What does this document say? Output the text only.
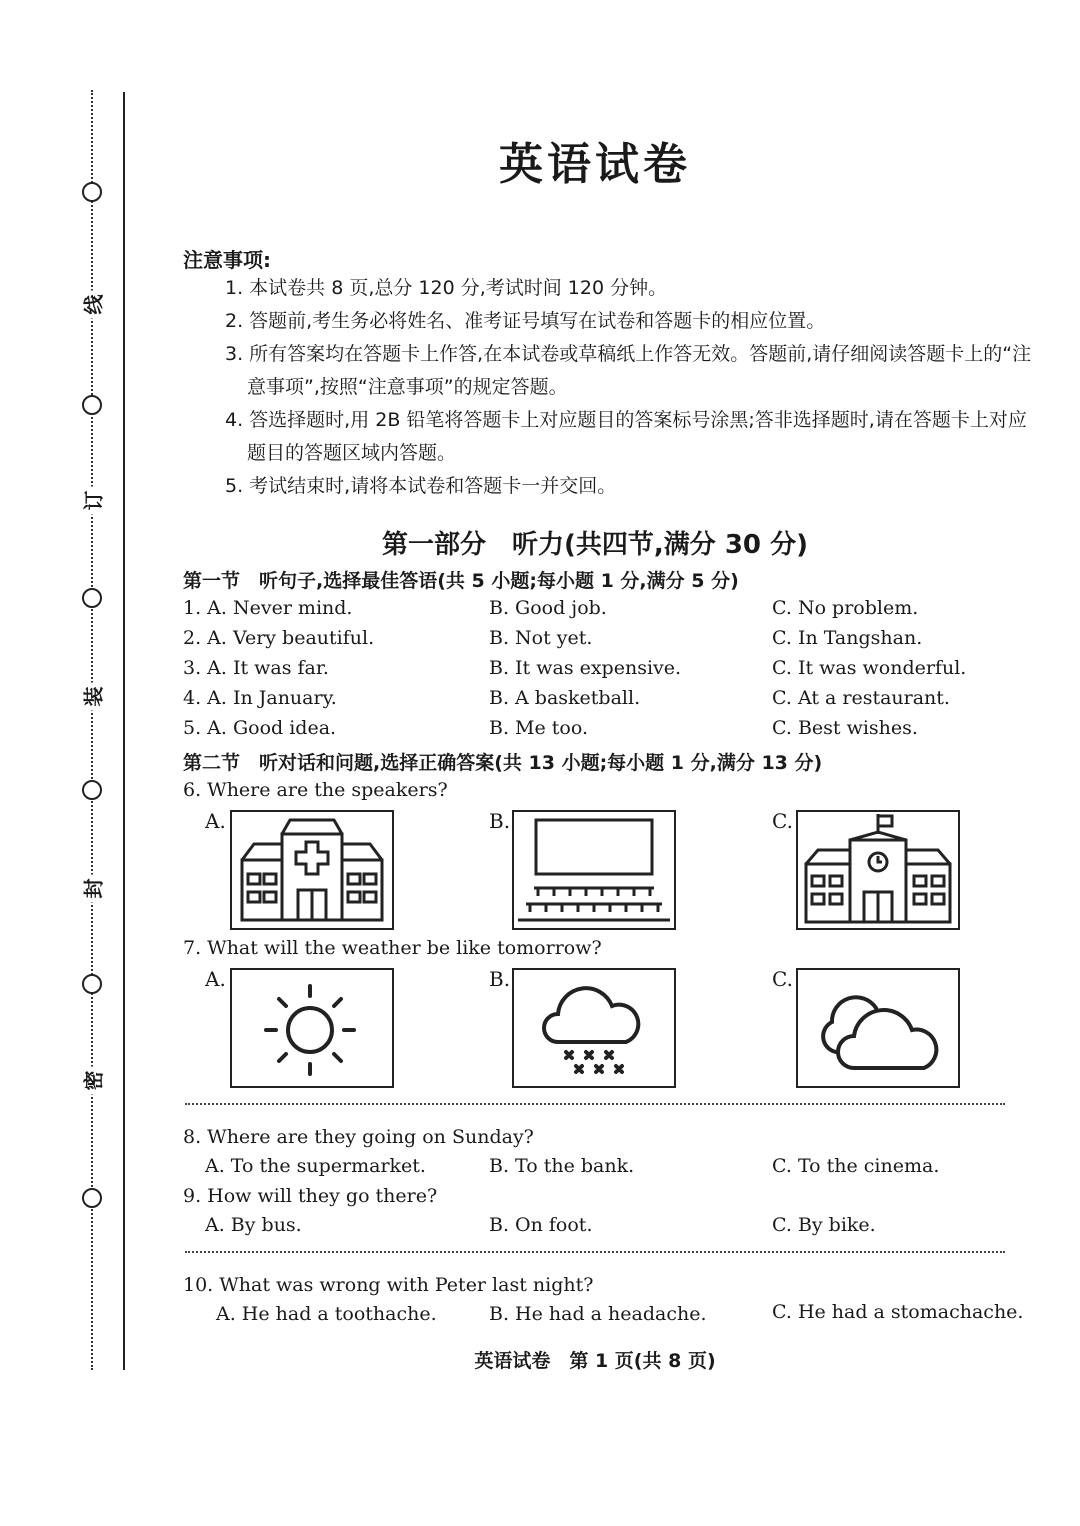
线
订
装
封
密
英语试卷
注意事项:
1. 本试卷共 8 页,总分 120 分,考试时间 120 分钟。
2. 答题前,考生务必将姓名、准考证号填写在试卷和答题卡的相应位置。
3. 所有答案均在答题卡上作答,在本试卷或草稿纸上作答无效。答题前,请仔细阅读答题卡上的“注意事项”,按照“注意事项”的规定答题。
4. 答选择题时,用 2B 铅笔将答题卡上对应题目的答案标号涂黑;答非选择题时,请在答题卡上对应题目的答题区域内答题。
5. 考试结束时,请将本试卷和答题卡一并交回。
第一部分　听力(共四节,满分 30 分)
第一节　听句子,选择最佳答语(共 5 小题;每小题 1 分,满分 5 分)
1. A. Never mind.	B. Good job.	C. No problem.
2. A. Very beautiful.	B. Not yet.	C. In Tangshan.
3. A. It was far.	B. It was expensive.	C. It was wonderful.
4. A. In January.	B. A basketball.	C. At a restaurant.
5. A. Good idea.	B. Me too.	C. Best wishes.
第二节　听对话和问题,选择正确答案(共 13 小题;每小题 1 分,满分 13 分)
6. Where are the speakers?
A.	B.	C.
7. What will the weather be like tomorrow?
A.	B.	C.
8. Where are they going on Sunday?
A. To the supermarket.	B. To the bank.	C. To the cinema.
9. How will they go there?
A. By bus.	B. On foot.	C. By bike.
10. What was wrong with Peter last night?
A. He had a toothache.	B. He had a headache.	C. He had a stomachache.
英语试卷　第 1 页(共 8 页)
